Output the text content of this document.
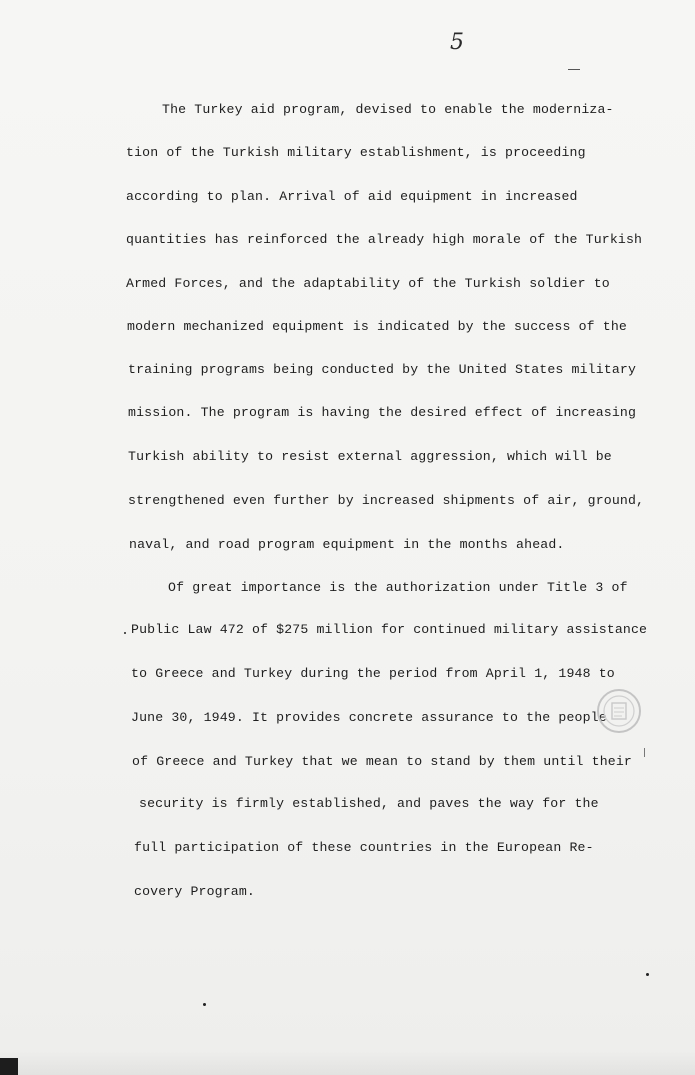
5
The Turkey aid program, devised to enable the moderniza-
tion of the Turkish military establishment, is proceeding
according to plan. Arrival of aid equipment in increased
quantities has reinforced the already high morale of the Turkish
Armed Forces, and the adaptability of the Turkish soldier to
modern mechanized equipment is indicated by the success of the
training programs being conducted by the United States military
mission. The program is having the desired effect of increasing
Turkish ability to resist external aggression, which will be
strengthened even further by increased shipments of air, ground,
naval, and road program equipment in the months ahead.
Of great importance is the authorization under Title 3 of
Public Law 472 of $275 million for continued military assistance
to Greece and Turkey during the period from April 1, 1948 to
June 30, 1949. It provides concrete assurance to the people
of Greece and Turkey that we mean to stand by them until their
security is firmly established, and paves the way for the
full participation of these countries in the European Re-
covery Program.
